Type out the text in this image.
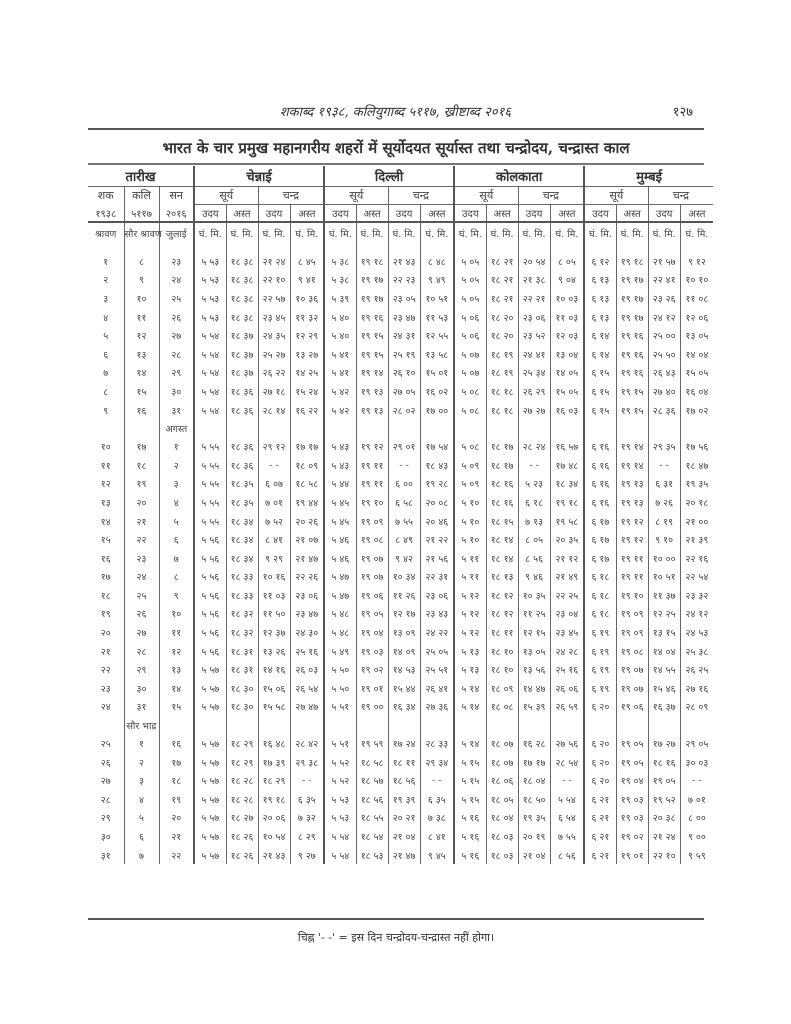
शकाब्द १९३८, कलियुगाब्द ५११७, ख्रीष्टाब्द २०१६	१२७
भारत के चार प्रमुख महानगरीय शहरों में सूर्योदयत सूर्यास्त तथा चन्द्रोदय, चन्द्रास्त काल
तारीख			चेन्नाई				दिल्ली				कोलकाता				मुम्बई			
शक	कलि	सन	सूर्य		चन्द्र		सूर्य		चन्द्र		सूर्य		चन्द्र		सूर्य		चन्द्र	
१९३८	५११७	२०१६	उदय	अस्त	उदय	अस्त	उदय	अस्त	उदय	अस्त	उदय	अस्त	उदय	अस्त	उदय	अस्त	उदय	अस्त
श्रावण	सौर श्रावण	जुलाई	घं. मि.	घं. मि.	घं. मि.	घं. मि.	घं. मि.	घं. मि.	घं. मि.	घं. मि.	घं. मि.	घं. मि.	घं. मि.	घं. मि.	घं. मि.	घं. मि.	घं. मि.	घं. मि.

१	८	२३	५ ५३	१८ ३८	२१ २४	८ ४५	५ ३८	१९ १८	२१ ४३	८ ४८	५ ०५	१८ २१	२० ५४	८ ०५	६ १२	१९ १८	२१ ५७	९ १२
२	९	२४	५ ५३	१८ ३८	२२ १०	९ ४१	५ ३८	१९ १७	२२ २३	९ ४९	५ ०५	१८ २१	२१ ३८	९ ०४	६ १३	१९ १७	२२ ४१	१० १०
३	१०	२५	५ ५३	१८ ३८	२२ ५७	१० ३६	५ ३९	१९ १७	२३ ०५	१० ५१	५ ०५	१८ २१	२२ २१	१० ०३	६ १३	१९ १७	२३ २६	११ ०८
४	११	२६	५ ५३	१८ ३८	२३ ४५	११ ३२	५ ४०	१९ १६	२३ ४७	११ ५३	५ ०६	१८ २०	२३ ०६	११ ०३	६ १३	१९ १७	२४ १२	१२ ०६
५	१२	२७	५ ५४	१८ ३७	२४ ३५	१२ २९	५ ४०	१९ १५	२४ ३१	१२ ५५	५ ०६	१८ २०	२३ ५२	१२ ०३	६ १४	१९ १६	२५ ००	१३ ०५
६	१३	२८	५ ५४	१८ ३७	२५ २७	१३ २७	५ ४१	१९ १५	२५ १९	१३ ५८	५ ०७	१८ १९	२४ ४१	१३ ०४	६ १४	१९ १६	२५ ५०	१४ ०४
७	१४	२९	५ ५४	१८ ३७	२६ २२	१४ २५	५ ४१	१९ १४	२६ १०	१५ ०१	५ ०७	१८ १९	२५ ३४	१४ ०५	६ १५	१९ १६	२६ ४३	१५ ०५
८	१५	३०	५ ५४	१८ ३६	२७ १८	१५ २४	५ ४२	१९ १३	२७ ०५	१६ ०२	५ ०८	१८ १८	२६ २९	१५ ०५	६ १५	१९ १५	२७ ४०	१६ ०४
९	१६	३१	५ ५४	१८ ३६	२८ १४	१६ २२	५ ४२	१९ १३	२८ ०२	१७ ००	५ ०८	१८ १८	२७ २७	१६ ०३	६ १५	१९ १५	२८ ३६	१७ ०२
		अगस्त																
१०	१७	१	५ ५५	१८ ३६	२९ १२	१७ १७	५ ४३	१९ १२	२९ ०१	१७ ५४	५ ०८	१८ १७	२८ २४	१६ ५७	६ १६	१९ १४	२९ ३५	१७ ५६
११	१८	२	५ ५५	१८ ३६	- -	१८ ०९	५ ४३	१९ ११	- -	१८ ४३	५ ०९	१८ १७	- -	१७ ४८	६ १६	१९ १४	- -	१८ ४७
१२	१९	३	५ ५५	१८ ३५	६ ०७	१८ ५८	५ ४४	१९ ११	६ ००	१९ २८	५ ०९	१८ १६	५ २३	१८ ३४	६ १६	१९ १३	६ ३१	१९ ३५
१३	२०	४	५ ५५	१८ ३५	७ ०१	१९ ४४	५ ४५	१९ १०	६ ५८	२० ०८	५ १०	१८ १६	६ १८	१९ १८	६ १६	१९ १३	७ २६	२० १८
१४	२१	५	५ ५५	१८ ३४	७ ५२	२० २६	५ ४५	१९ ०९	७ ५५	२० ४६	५ १०	१८ १५	७ १३	१९ ५८	६ १७	१९ १२	८ १९	२१ ००
१५	२२	६	५ ५६	१८ ३४	८ ४१	२१ ०७	५ ४६	१९ ०८	८ ४९	२१ २२	५ १०	१८ १४	८ ०५	२० ३५	६ १७	१९ १२	९ १०	२१ ३९
१६	२३	७	५ ५६	१८ ३४	९ २९	२१ ४७	५ ४६	१९ ०७	९ ४२	२१ ५६	५ ११	१८ १४	८ ५६	२१ १२	६ १७	१९ ११	१० ००	२२ १६
१७	२४	८	५ ५६	१८ ३३	१० १६	२२ २६	५ ४७	१९ ०७	१० ३४	२२ ३१	५ ११	१८ १३	९ ४६	२१ ४९	६ १८	१९ ११	१० ५१	२२ ५४
१८	२५	९	५ ५६	१८ ३३	११ ०३	२३ ०६	५ ४७	१९ ०६	११ २६	२३ ०६	५ १२	१८ १२	१० ३५	२२ २५	६ १८	१९ १०	११ ३७	२३ ३२
१९	२६	१०	५ ५६	१८ ३२	११ ५०	२३ ४७	५ ४८	१९ ०५	१२ १७	२३ ४३	५ १२	१८ १२	११ २५	२३ ०४	६ १८	१९ ०९	१२ २५	२४ १२
२०	२७	११	५ ५६	१८ ३२	१२ ३७	२४ ३०	५ ४८	१९ ०४	१३ ०९	२४ २२	५ १२	१८ ११	१२ १५	२३ ४५	६ १९	१९ ०९	१३ १५	२४ ५३
२१	२८	१२	५ ५६	१८ ३१	१३ २६	२५ १६	५ ४९	१९ ०३	१४ ०९	२५ ०५	५ १३	१८ १०	१३ ०५	२४ २८	६ १९	१९ ०८	१४ ०४	२५ ३८
२२	२९	१३	५ ५७	१८ ३१	१४ १६	२६ ०३	५ ५०	१९ ०२	१४ ५३	२५ ५१	५ १३	१८ १०	१३ ५६	२५ १६	६ १९	१९ ०७	१४ ५५	२६ २५
२३	३०	१४	५ ५७	१८ ३०	१५ ०६	२६ ५४	५ ५०	१९ ०१	१५ ४४	२६ ४१	५ १४	१८ ०९	१४ ४७	२६ ०६	६ १९	१९ ०७	१५ ४६	२७ १६
२४	३१	१५	५ ५७	१८ ३०	१५ ५८	२७ ४७	५ ५१	१९ ००	१६ ३४	२७ ३६	५ १४	१८ ०८	१५ ३९	२६ ५९	६ २०	१९ ०६	१६ ३७	२८ ०९
	सौर भाद्र																	
२५	१	१६	५ ५७	१८ २९	१६ ४८	२८ ४२	५ ५१	१९ ५९	१७ २४	२८ ३३	५ १४	१८ ०७	१६ २८	२७ ५६	६ २०	१९ ०५	१७ २७	२९ ०५
२६	२	१७	५ ५७	१८ २९	१७ ३९	२९ ३८	५ ५२	१८ ५८	१८ ११	२९ ३४	५ १५	१८ ०७	१७ १७	२८ ५४	६ २०	१९ ०५	१८ १६	३० ०३
२७	३	१८	५ ५७	१८ २८	१८ २९	- -	५ ५२	१८ ५७	१८ ५६	- -	५ १५	१८ ०६	१८ ०४	- -	६ २०	१९ ०४	१९ ०५	- -
२८	४	१९	५ ५७	१८ २८	१९ १८	६ ३५	५ ५३	१८ ५६	१९ ३९	६ ३५	५ १५	१८ ०५	१८ ५०	५ ५४	६ २१	१९ ०३	१९ ५२	७ ०१
२९	५	२०	५ ५७	१८ २७	२० ०६	७ ३२	५ ५३	१८ ५५	२० २१	७ ३८	५ १६	१८ ०४	१९ ३५	६ ५४	६ २१	१९ ०३	२० ३८	८ ००
३०	६	२१	५ ५७	१८ २६	१० ५४	८ २९	५ ५४	१८ ५४	२१ ०४	८ ४१	५ १६	१८ ०३	२० १९	७ ५५	६ २१	१९ ०२	२१ २४	९ ००
३१	७	२२	५ ५७	१८ २६	२१ ४३	९ २७	५ ५४	१८ ५३	२१ ४७	९ ४५	५ १६	१८ ०३	२१ ०४	८ ५६	६ २१	१९ ०१	२२ १०	९ ५९
चिह्न '- -' = इस दिन चन्द्रोदय-चन्द्रास्त नहीं होगा।
